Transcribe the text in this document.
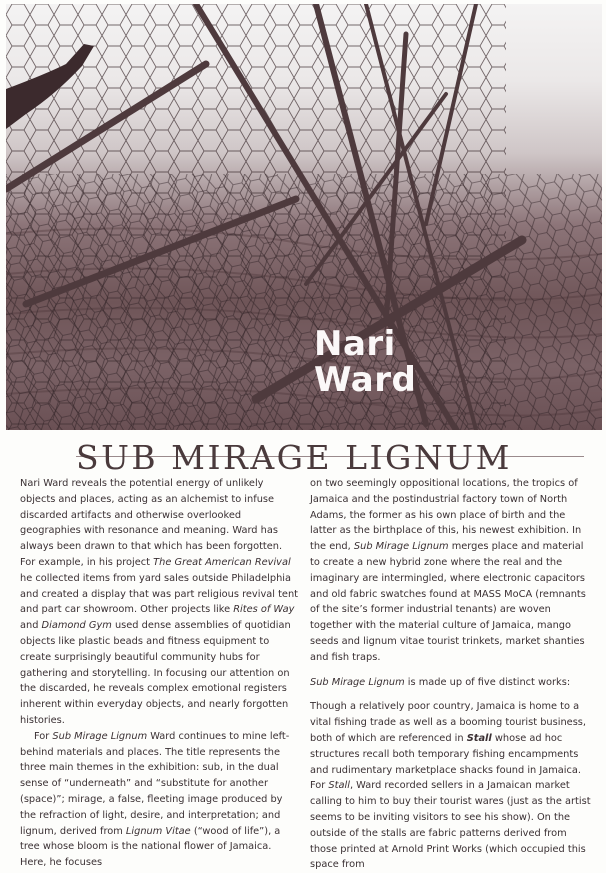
Nari
Ward
SUB MIRAGE LIGNUM

Nari Ward reveals the potential energy of unlikely objects and places, acting as an alchemist to infuse discarded artifacts and otherwise overlooked geographies with resonance and meaning. Ward has always been drawn to that which has been forgotten. For example, in his project The Great American Revival he collected items from yard sales outside Philadelphia and created a display that was part religious revival tent and part car showroom. Other projects like Rites of Way and Diamond Gym used dense assemblies of quotidian objects like plastic beads and fitness equipment to create surprisingly beautiful community hubs for gathering and storytelling. In focusing our attention on the discarded, he reveals complex emotional registers inherent within everyday objects, and nearly forgotten histories.

For Sub Mirage Lignum Ward continues to mine left-behind materials and places. The title represents the three main themes in the exhibition: sub, in the dual sense of “underneath” and “substitute for another (space)”; mirage, a false, fleeting image produced by the refraction of light, desire, and interpretation; and lignum, derived from Lignum Vitae (“wood of life”), a tree whose bloom is the national flower of Jamaica. Here, he focuses

on two seemingly oppositional locations, the tropics of Jamaica and the postindustrial factory town of North Adams, the former as his own place of birth and the latter as the birthplace of this, his newest exhibition. In the end, Sub Mirage Lignum merges place and material to create a new hybrid zone where the real and the imaginary are intermingled, where electronic capacitors and old fabric swatches found at MASS MoCA (remnants of the site’s former industrial tenants) are woven together with the material culture of Jamaica, mango seeds and lignum vitae tourist trinkets, market shanties and fish traps.

Sub Mirage Lignum is made up of five distinct works:

Though a relatively poor country, Jamaica is home to a vital fishing trade as well as a booming tourist business, both of which are referenced in Stall whose ad hoc structures recall both temporary fishing encampments and rudimentary marketplace shacks found in Jamaica. For Stall, Ward recorded sellers in a Jamaican market calling to him to buy their tourist wares (just as the artist seems to be inviting visitors to see his show). On the outside of the stalls are fabric patterns derived from those printed at Arnold Print Works (which occupied this space from
